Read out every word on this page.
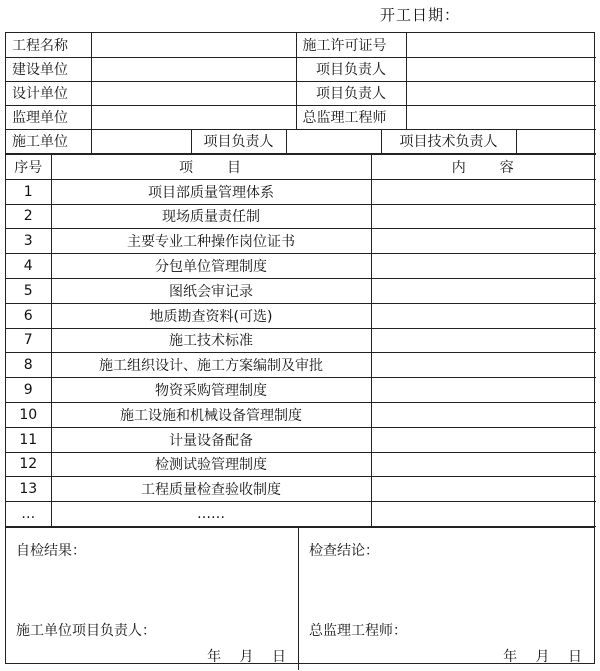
开工日期：
工程名称		施工许可证号	
建设单位		项目负责人	
设计单位		项目负责人	
监理单位		总监理工程师	
施工单位		项目负责人		项目技术负责人	
序号	项　　目	内　　容
1	项目部质量管理体系	
2	现场质量责任制	
3	主要专业工种操作岗位证书	
4	分包单位管理制度	
5	图纸会审记录	
6	地质勘查资料(可选)	
7	施工技术标准	
8	施工组织设计、施工方案编制及审批	
9	物资采购管理制度	
10	施工设施和机械设备管理制度	
11	计量设备配备	
12	检测试验管理制度	
13	工程质量检查验收制度	
…	……	
自检结果：
施工单位项目负责人：
年 月 日
检查结论：
总监理工程师：
年 月 日
